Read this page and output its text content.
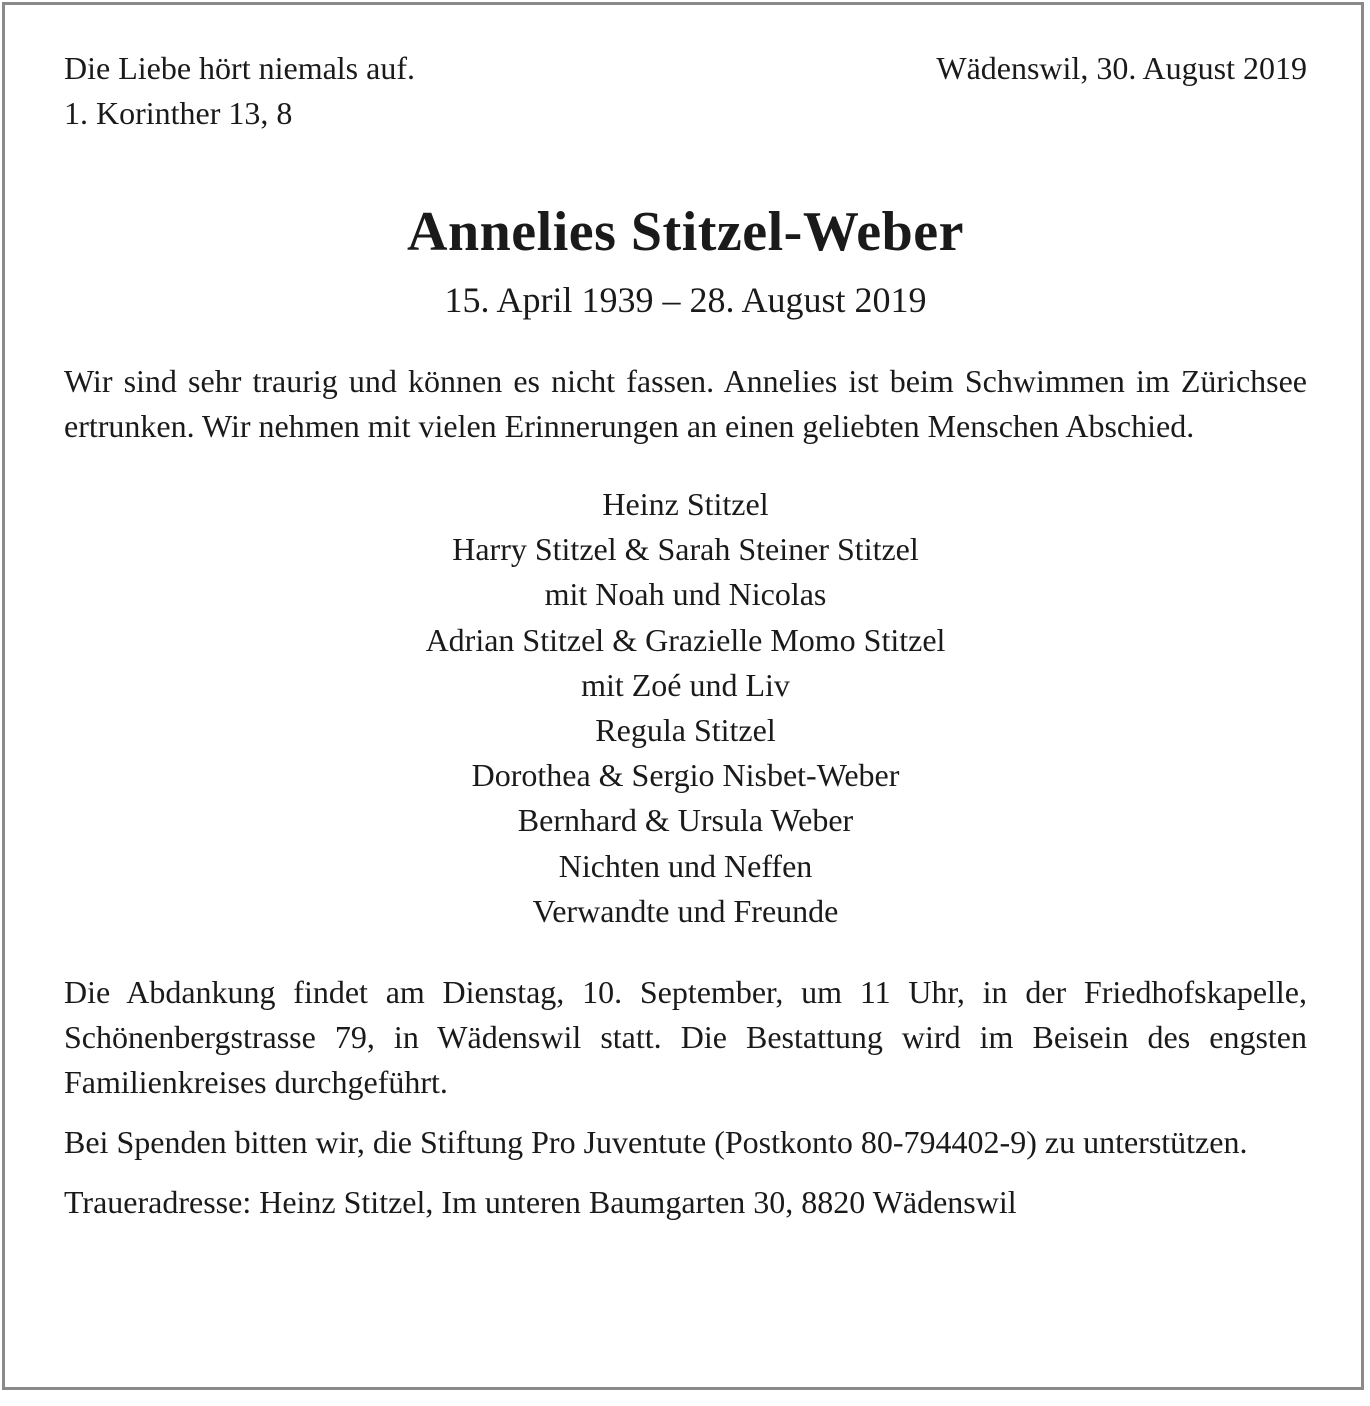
Die Liebe hört niemals auf.
1. Korinther 13, 8
Wädenswil, 30. August 2019
Annelies Stitzel-Weber
15. April 1939 – 28. August 2019
Wir sind sehr traurig und können es nicht fassen. Annelies ist beim Schwimmen im Zürichsee ertrunken. Wir nehmen mit vielen Erinnerungen an einen geliebten Menschen Abschied.
Heinz Stitzel
Harry Stitzel & Sarah Steiner Stitzel
mit Noah und Nicolas
Adrian Stitzel & Grazielle Momo Stitzel
mit Zoé und Liv
Regula Stitzel
Dorothea & Sergio Nisbet-Weber
Bernhard & Ursula Weber
Nichten und Neffen
Verwandte und Freunde
Die Abdankung findet am Dienstag, 10. September, um 11 Uhr, in der Friedhofskapelle, Schönenbergstrasse 79, in Wädenswil statt. Die Bestattung wird im Beisein des engsten Familienkreises durchgeführt.
Bei Spenden bitten wir, die Stiftung Pro Juventute (Postkonto 80-794402-9) zu unterstützen.
Traueradresse: Heinz Stitzel, Im unteren Baumgarten 30, 8820 Wädenswil
